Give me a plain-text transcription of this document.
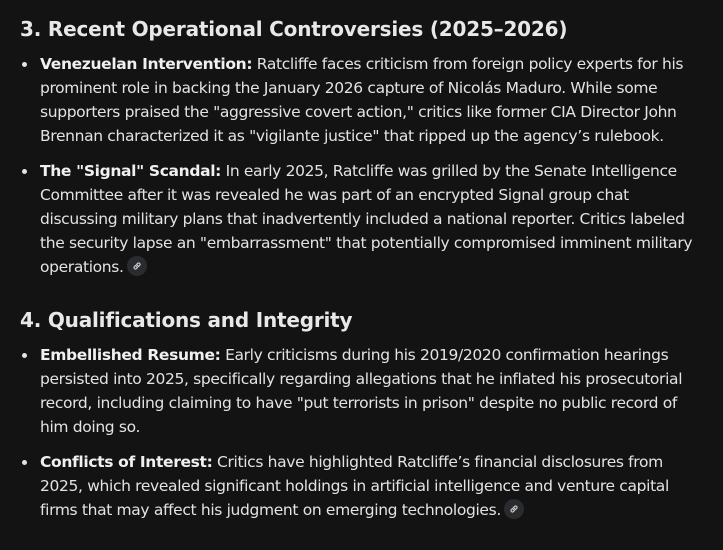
3. Recent Operational Controversies (2025–2026)
Venezuelan Intervention: Ratcliffe faces criticism from foreign policy experts for his prominent role in backing the January 2026 capture of Nicolás Maduro. While some supporters praised the "aggressive covert action," critics like former CIA Director John Brennan characterized it as "vigilante justice" that ripped up the agency’s rulebook.
The "Signal" Scandal: In early 2025, Ratcliffe was grilled by the Senate Intelligence Committee after it was revealed he was part of an encrypted Signal group chat discussing military plans that inadvertently included a national reporter. Critics labeled the security lapse an "embarrassment" that potentially compromised imminent military operations.
4. Qualifications and Integrity
Embellished Resume: Early criticisms during his 2019/2020 confirmation hearings persisted into 2025, specifically regarding allegations that he inflated his prosecutorial record, including claiming to have "put terrorists in prison" despite no public record of him doing so.
Conflicts of Interest: Critics have highlighted Ratcliffe’s financial disclosures from 2025, which revealed significant holdings in artificial intelligence and venture capital firms that may affect his judgment on emerging technologies.
